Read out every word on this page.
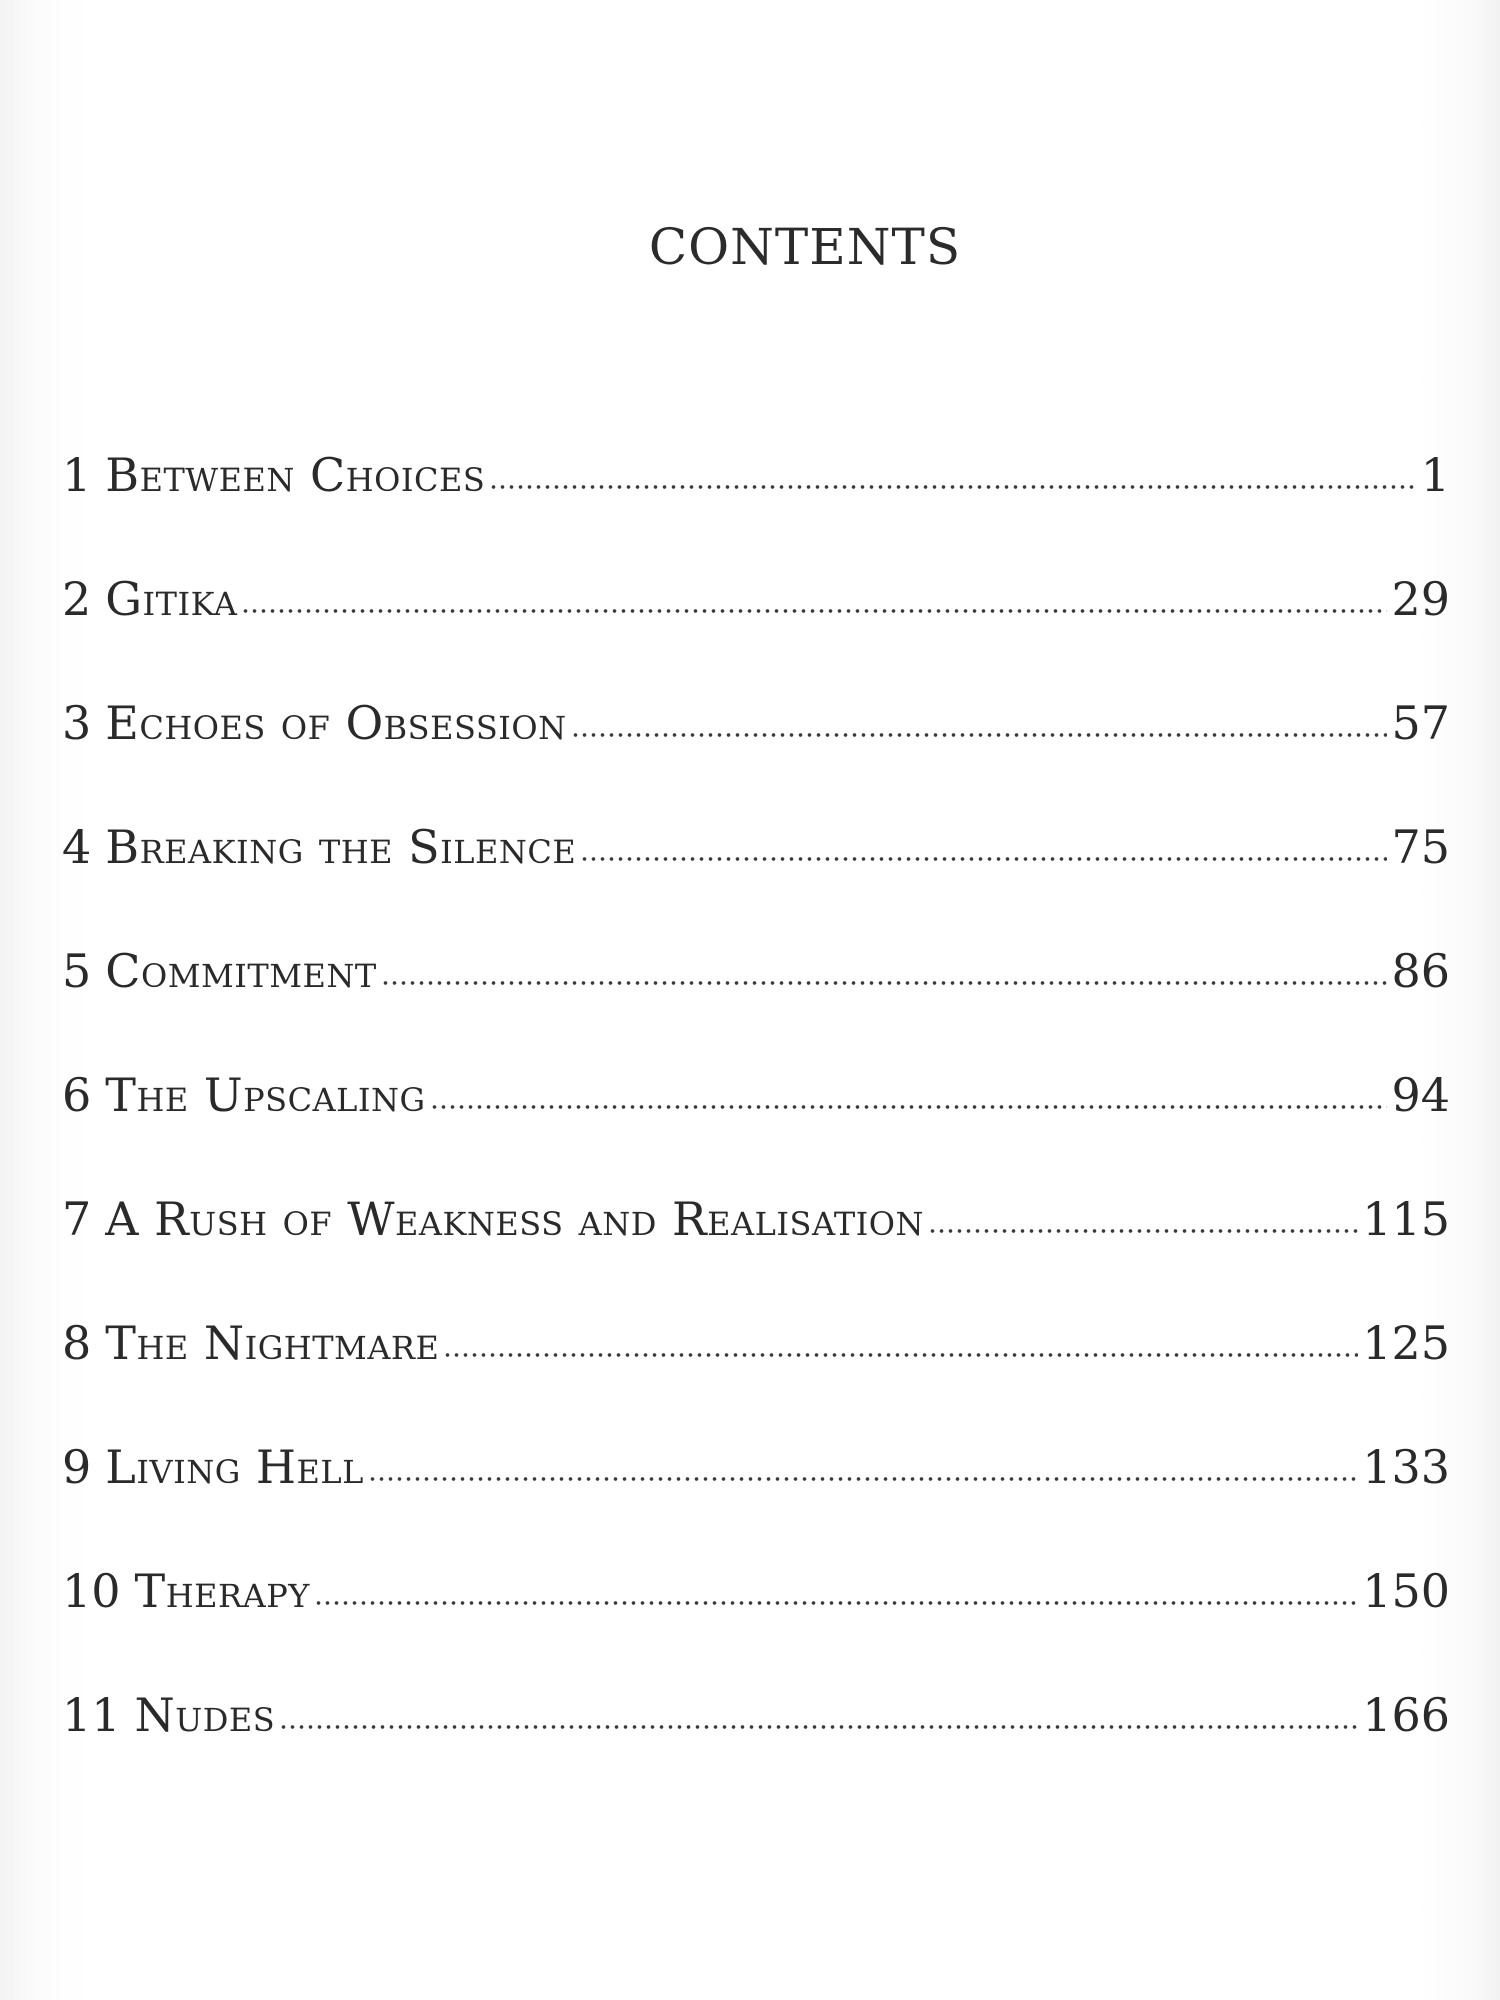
CONTENTS
1 Between Choices	1
2 Gitika	29
3 Echoes of Obsession	57
4 Breaking the Silence	75
5 Commitment	86
6 The Upscaling	94
7 A Rush of Weakness and Realisation	115
8 The Nightmare	125
9 Living Hell	133
10 Therapy	150
11 Nudes	166
